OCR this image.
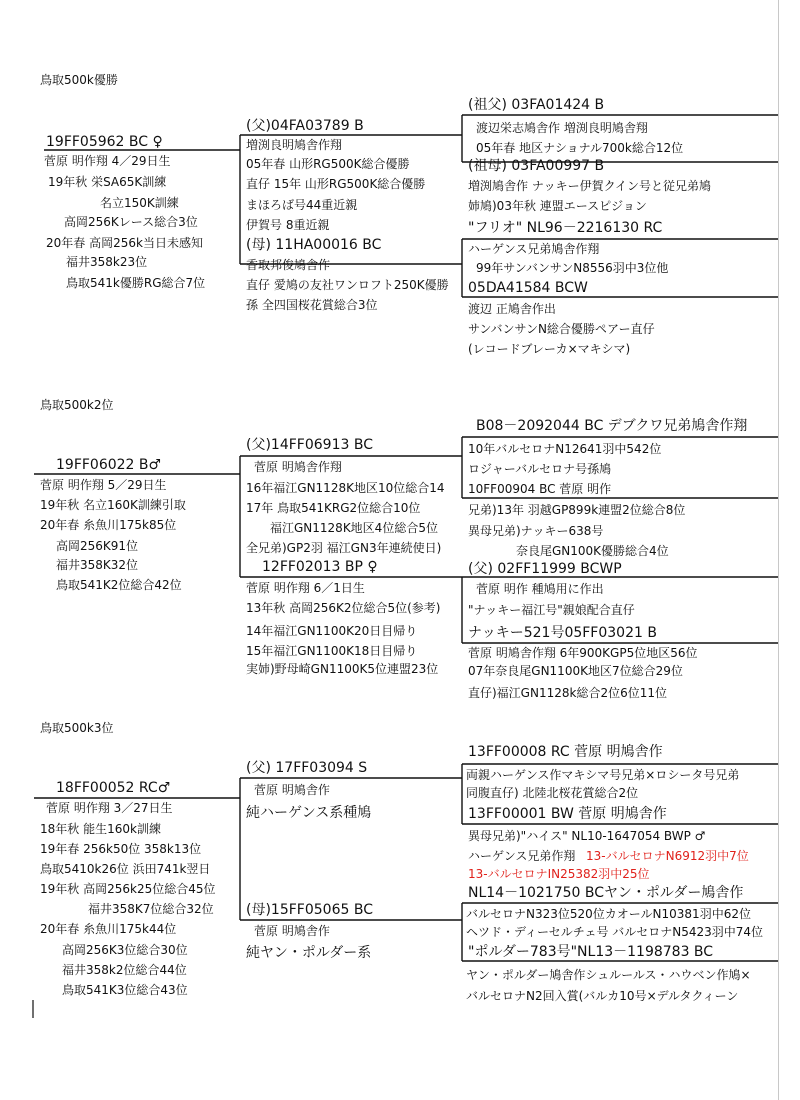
鳥取500k優勝
19FF05962 BC ♀
菅原 明作翔 4／29日生
19年秋 栄SA65K訓練
名立150K訓練
高岡256Kレース総合3位
20年春 高岡256k当日未感知
福井358k23位
鳥取541k優勝RG総合7位
(父)04FA03789 B
増渕良明鳩舎作翔
05年春 山形RG500K総合優勝
直仔 15年 山形RG500K総合優勝
まほろば号44重近親
伊賀号 8重近親
(母) 11HA00016 BC
香取邦俊鳩舎作
直仔 愛鳩の友社ワンロフト250K優勝
孫 全四国桜花賞総合3位
(祖父) 03FA01424 B
渡辺栄志鳩舎作 増渕良明鳩舎翔
05年春 地区ナショナル700k総合12位
(祖母) 03FA00997 B
増渕鳩舎作 ナッキー伊賀クイン号と従兄弟鳩
姉鳩)03年秋 連盟エースピジョン
"フリオ" NL96－2216130 RC
ハーゲンス兄弟鳩舎作翔
99年サンバンサンN8556羽中3位他
05DA41584 BCW
渡辺 正鳩舎作出
サンバンサンN総合優勝ペアー直仔
(レコードブレーカ×マキシマ)
鳥取500k2位
19FF06022 B♂
菅原 明作翔 5／29日生
19年秋 名立160K訓練引取
20年春 糸魚川175k85位
高岡256K91位
福井358K32位
鳥取541K2位総合42位
(父)14FF06913 BC
菅原 明鳩舎作翔
16年福江GN1128K地区10位総合14
17年 鳥取541KRG2位総合10位
福江GN1128K地区4位総合5位
全兄弟)GP2羽 福江GN3年連続使日)
12FF02013 BP ♀
菅原 明作翔 6／1日生
13年秋 高岡256K2位総合5位(参考)
14年福江GN1100K20日目帰り
15年福江GN1100K18日目帰り
実姉)野母崎GN1100K5位連盟23位
B08－2092044 BC デブクワ兄弟鳩舎作翔
10年バルセロナN12641羽中542位
ロジャーバルセロナ号孫鳩
10FF00904 BC 菅原 明作
兄弟)13年 羽越GP899k連盟2位総合8位
異母兄弟)ナッキー638号
奈良尾GN100K優勝総合4位
(父) 02FF11999 BCWP
菅原 明作 種鳩用に作出
"ナッキー福江号"親娘配合直仔
ナッキー521号05FF03021 B
菅原 明鳩舎作翔 6年900KGP5位地区56位
07年奈良尾GN1100K地区7位総合29位
直仔)福江GN1128k総合2位6位11位
鳥取500k3位
18FF00052 RC♂
菅原 明作翔 3／27日生
18年秋 能生160k訓練
19年春 256k50位 358k13位
鳥取5410k26位 浜田741k翌日
19年秋 高岡256k25位総合45位
福井358K7位総合32位
20年春 糸魚川175k44位
高岡256K3位総合30位
福井358k2位総合44位
鳥取541K3位総合43位
(父) 17FF03094 S
菅原 明鳩舎作
純ハーゲンス系種鳩
(母)15FF05065 BC
菅原 明鳩舎作
純ヤン・ポルダー系
13FF00008 RC 菅原 明鳩舎作
両親ハーゲンス作マキシマ号兄弟×ロシータ号兄弟
同腹直仔) 北陸北桜花賞総合2位
13FF00001 BW 菅原 明鳩舎作
異母兄弟)"ハイス" NL10-1647054 BWP ♂
ハーゲンス兄弟作翔 13-バルセロナN6912羽中7位
13-バルセロナIN25382羽中25位
NL14－1021750 BCヤン・ポルダー鳩舎作
バルセロナN323位520位カオールN10381羽中62位
ヘツド・ディーセルチェ号 バルセロナN5423羽中74位
"ポルダー783号"NL13－1198783 BC
ヤン・ポルダー鳩舎作シュルールス・ハウベン作鳩×
バルセロナN2回入賞(バルカ10号×デルタクィーン
